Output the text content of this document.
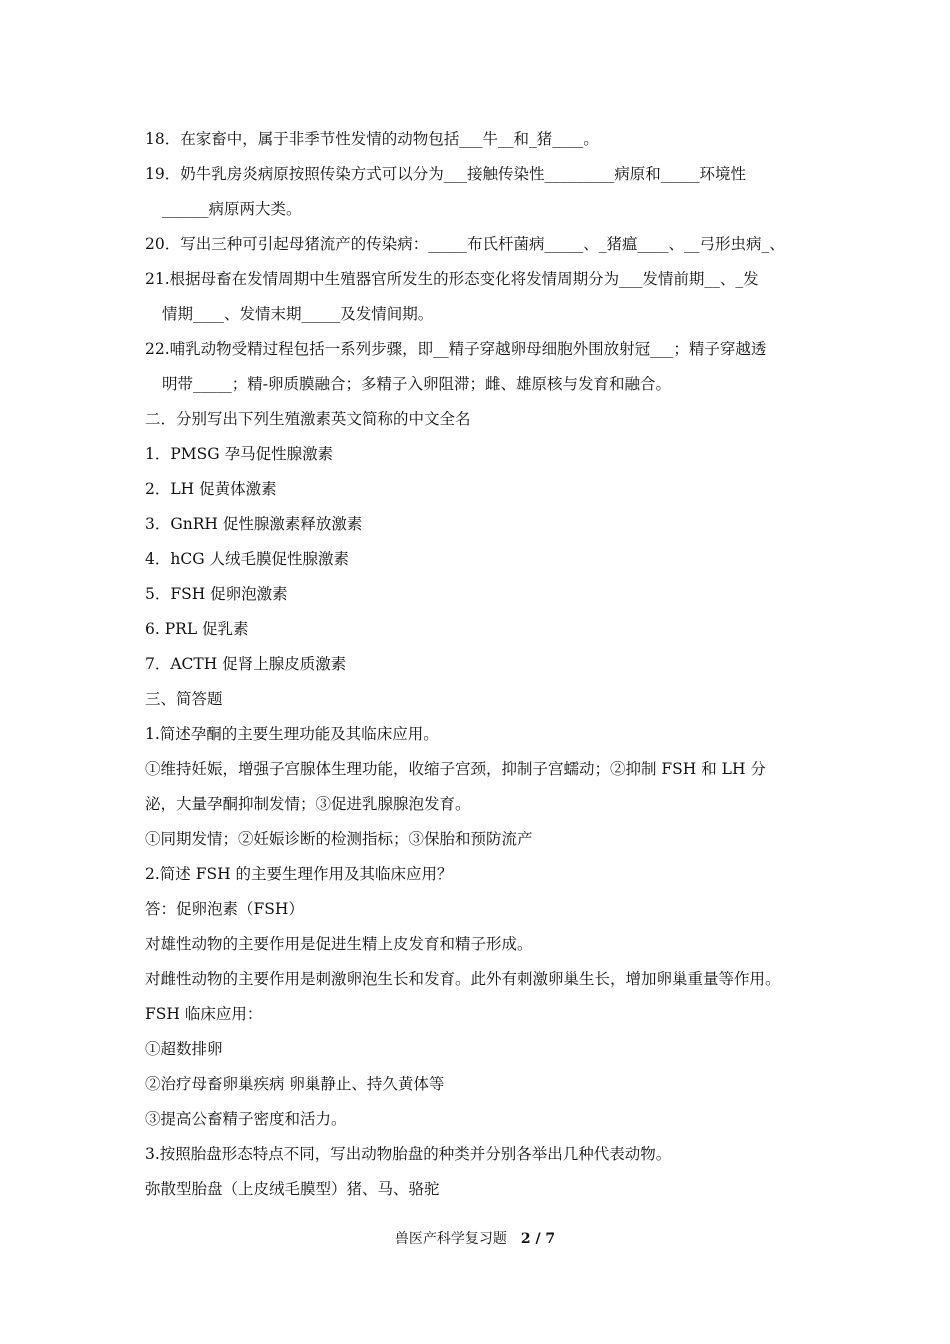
18．在家畜中，属于非季节性发情的动物包括___牛__和_猪____。
19．奶牛乳房炎病原按照传染方式可以分为___接触传染性_________病原和_____环境性
______病原两大类。
20．写出三种可引起母猪流产的传染病：_____布氏杆菌病_____、_猪瘟____、__弓形虫病_、
21.根据母畜在发情周期中生殖器官所发生的形态变化将发情周期分为___发情前期__、_发
情期____、发情末期_____及发情间期。
22.哺乳动物受精过程包括一系列步骤，即__精子穿越卵母细胞外围放射冠___；精子穿越透
明带_____；精-卵质膜融合；多精子入卵阻滞；雌、雄原核与发育和融合。
二．分别写出下列生殖激素英文简称的中文全名
1．PMSG 孕马促性腺激素
2．LH 促黄体激素
3．GnRH 促性腺激素释放激素
4．hCG 人绒毛膜促性腺激素
5．FSH 促卵泡激素
6. PRL 促乳素
7．ACTH 促肾上腺皮质激素
三、简答题
1.简述孕酮的主要生理功能及其临床应用。
①维持妊娠，增强子宫腺体生理功能，收缩子宫颈，抑制子宫蠕动；②抑制 FSH 和 LH 分
泌，大量孕酮抑制发情；③促进乳腺腺泡发育。
①同期发情；②妊娠诊断的检测指标；③保胎和预防流产
2.简述 FSH 的主要生理作用及其临床应用？
答：促卵泡素（FSH）
对雄性动物的主要作用是促进生精上皮发育和精子形成。
对雌性动物的主要作用是刺激卵泡生长和发育。此外有刺激卵巢生长，增加卵巢重量等作用。
FSH 临床应用：
①超数排卵
②治疗母畜卵巢疾病 卵巢静止、持久黄体等
③提高公畜精子密度和活力。
3.按照胎盘形态特点不同，写出动物胎盘的种类并分别各举出几种代表动物。
弥散型胎盘（上皮绒毛膜型）猪、马、骆驼
兽医产科学复习题 2 / 7
